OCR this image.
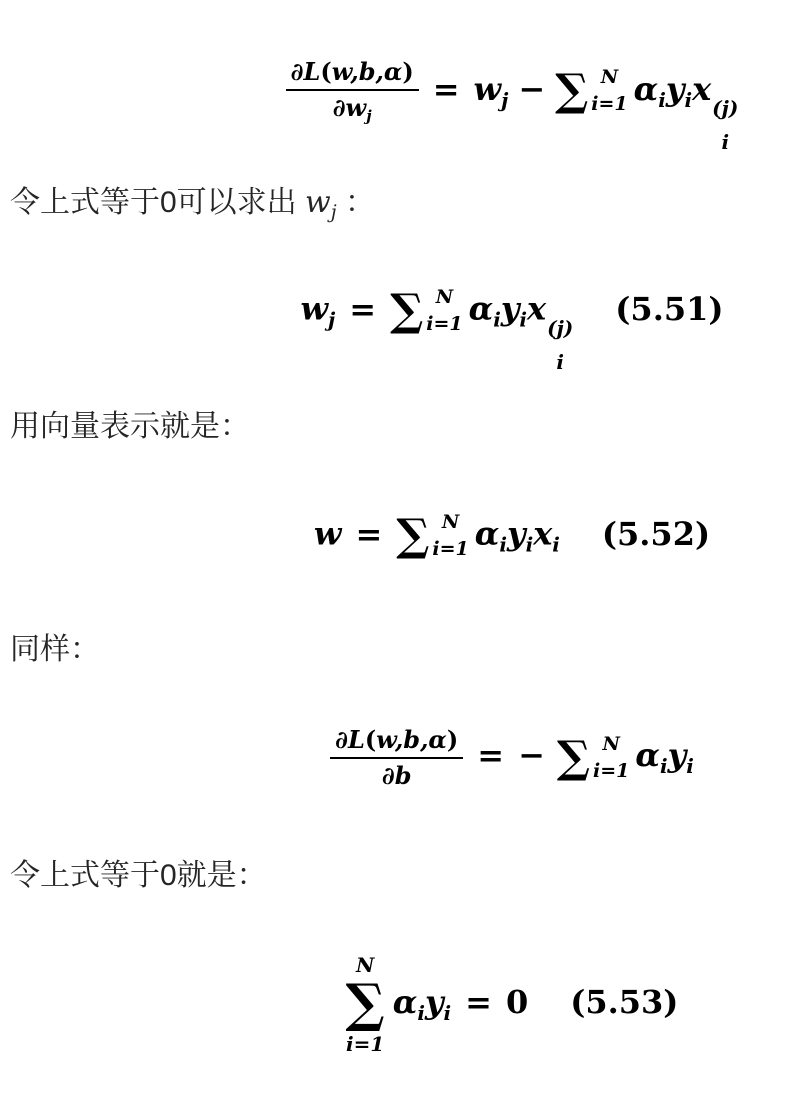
$\frac{\partial L(w,b,\alpha)}{\partial w_j} = w_j$ − ∑ N
i=1 $\alpha_iy_ix$ (j)
i
令上式等于0可以求出 $w_j$ ：
$w_j$ = ∑ N
i=1 $\alpha_iy_ix$ (j)
i
(5.51)
用向量表示就是：
w = ∑ N
i=1 $\alpha_iy_ix_i$ (5.52)
同样：
$\frac{\partial L(w,b,\alpha)}{\partial b}$ = − ∑ N
i=1 $\alpha_iy_i$
令上式等于0就是：
N
∑
i=1
$\alpha_iy_i = 0$ (5.53)
